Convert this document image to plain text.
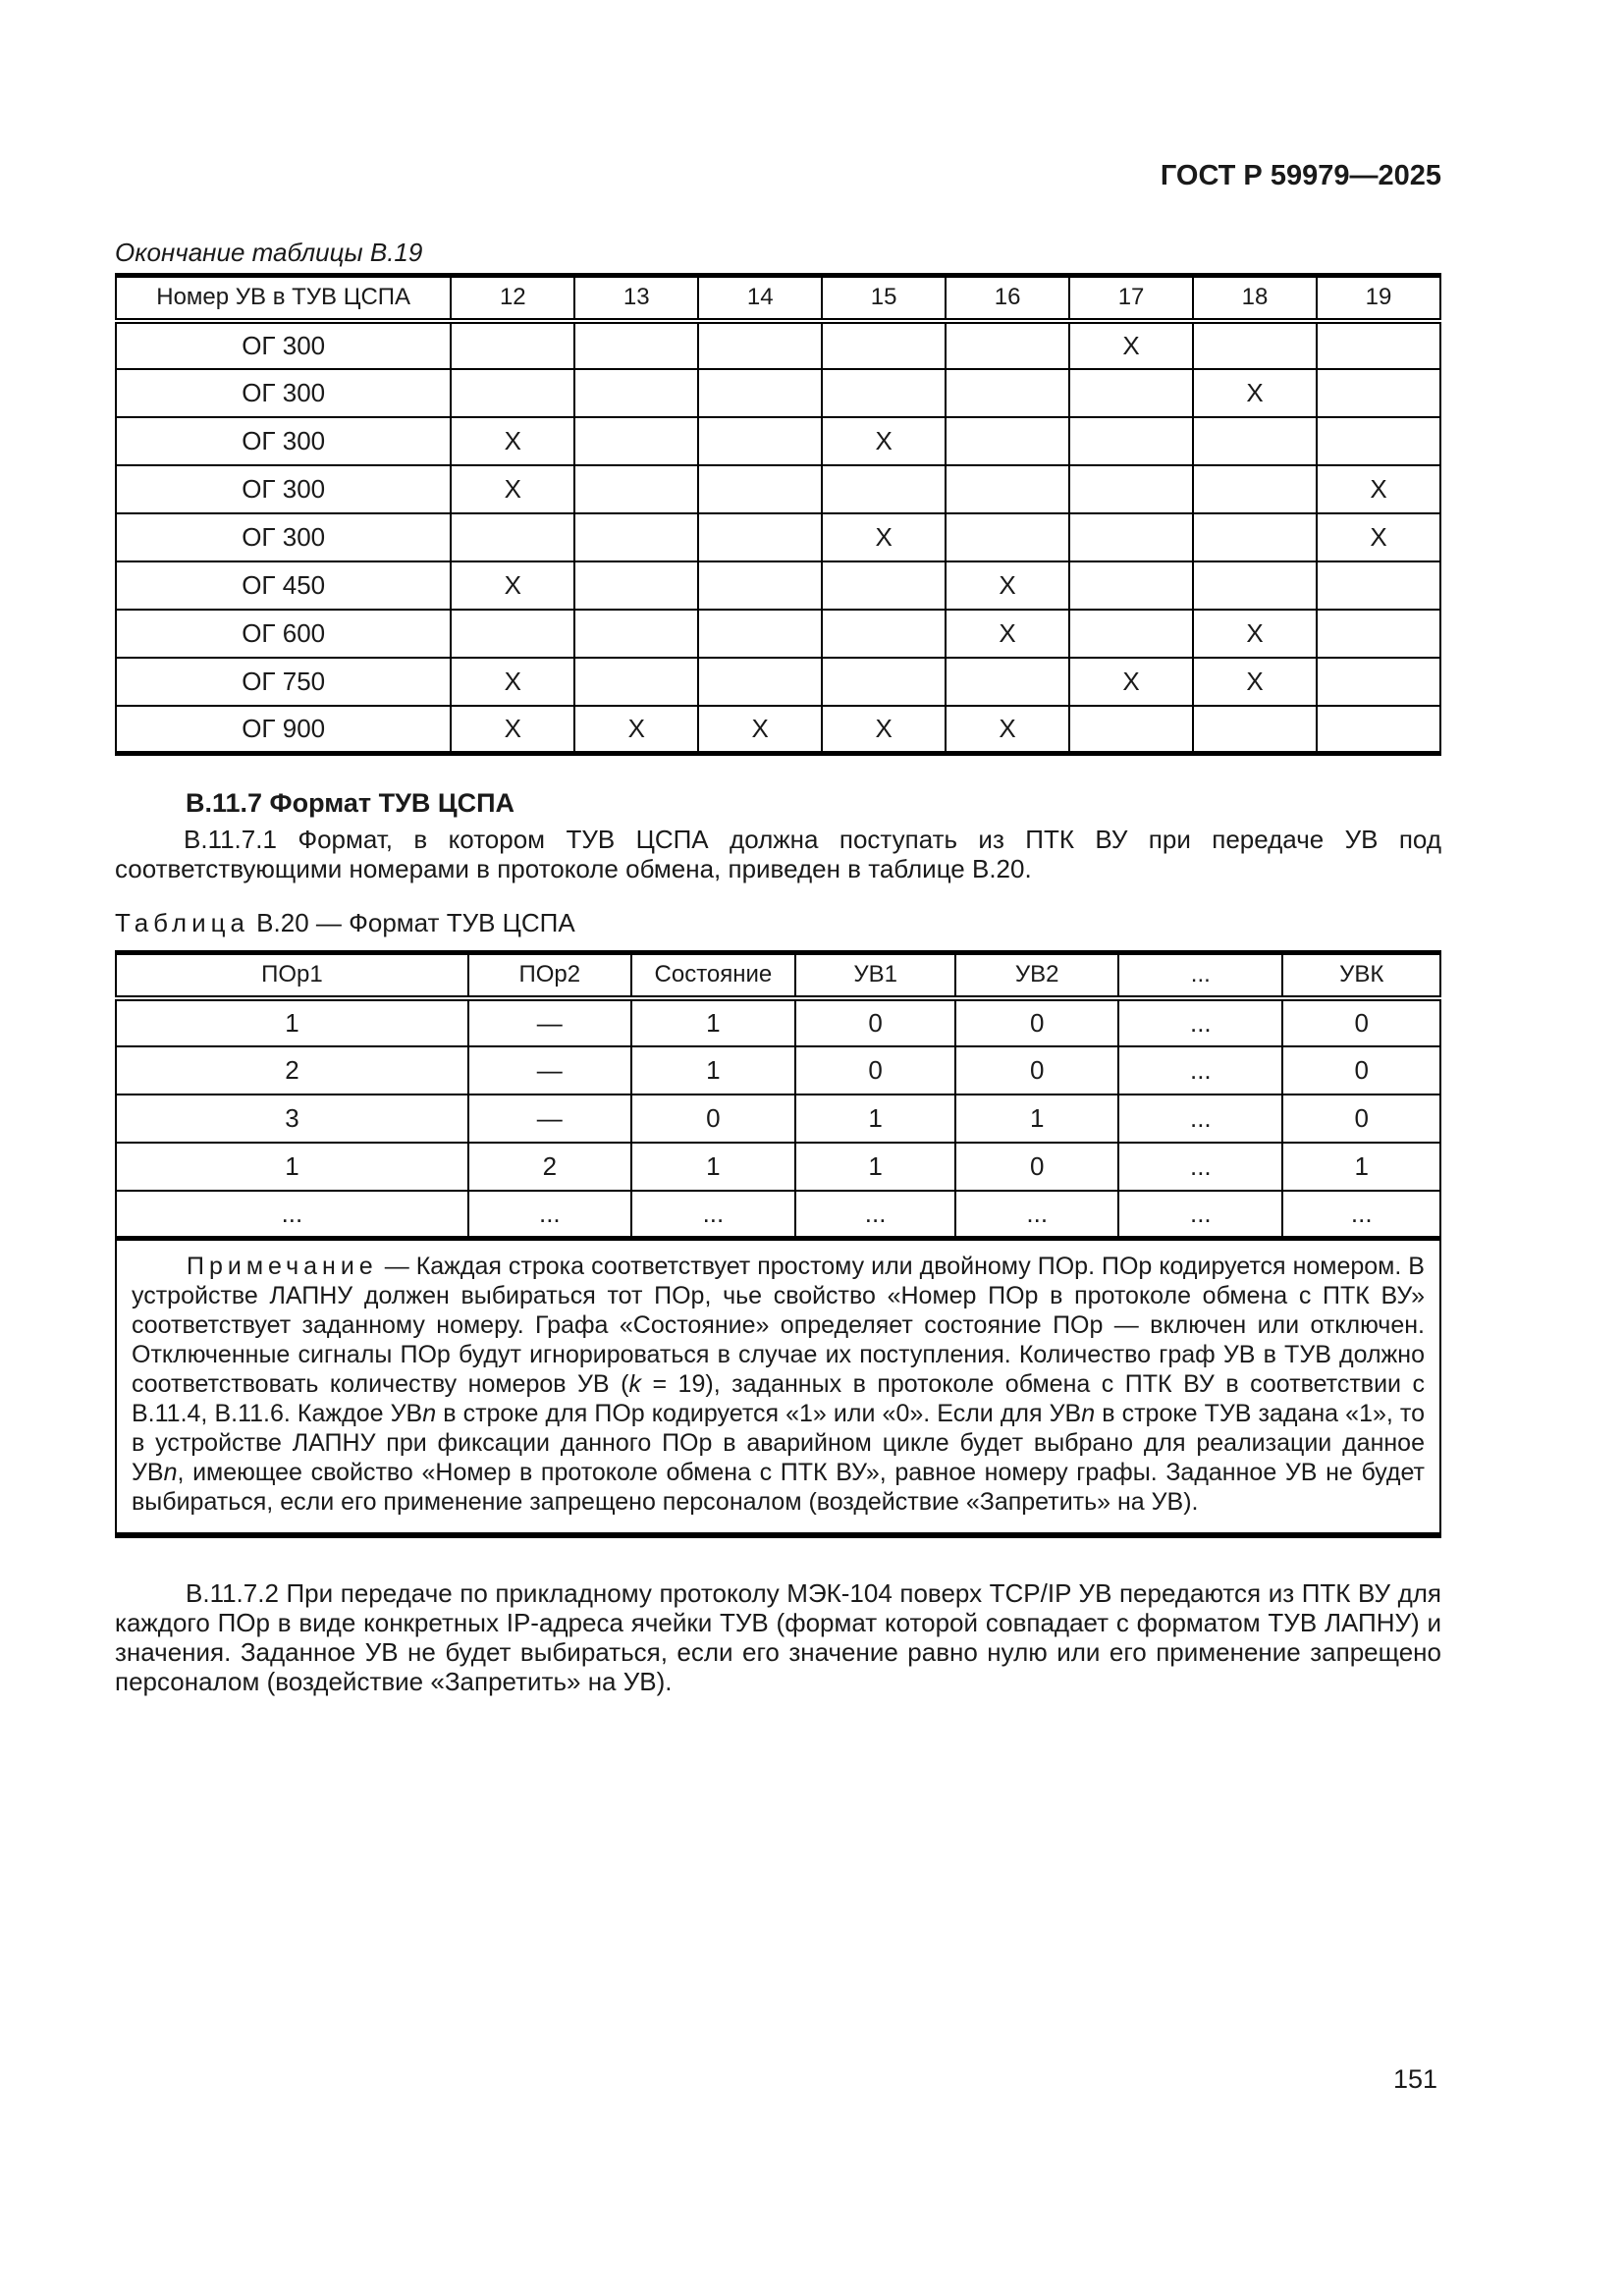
ГОСТ Р 59979—2025
Окончание таблицы В.19
Номер УВ в ТУВ ЦСПА	12	13	14	15	16	17	18	19
ОГ 300						X		
ОГ 300							X	
ОГ 300	X			X				
ОГ 300	X							X
ОГ 300				X				X
ОГ 450	X				X			
ОГ 600					X		X	
ОГ 750	X					X	X	
ОГ 900	X	X	X	X	X			
В.11.7 Формат ТУВ ЦСПА

В.11.7.1 Формат, в котором ТУВ ЦСПА должна поступать из ПТК ВУ при передаче УВ под соответствующими номерами в протоколе обмена, приведен в таблице В.20.

Таблица В.20 — Формат ТУВ ЦСПА
ПОр1	ПОр2	Состояние	УВ1	УВ2	...	УВК
1	—	1	0	0	...	0
2	—	1	0	0	...	0
3	—	0	1	1	...	0
1	2	1	1	0	...	1
...	...	...	...	...	...	...
Примечание — Каждая строка соответствует простому или двойному ПОр. ПОр кодируется номером. В устройстве ЛАПНУ должен выбираться тот ПОр, чье свойство «Номер ПОр в протоколе обмена с ПТК ВУ» соответствует заданному номеру. Графа «Состояние» определяет состояние ПОр — включен или отключен. Отключенные сигналы ПОр будут игнорироваться в случае их поступления. Количество граф УВ в ТУВ должно соответствовать количеству номеров УВ (k = 19), заданных в протоколе обмена с ПТК ВУ в соответствии с В.11.4, В.11.6. Каждое УВn в строке для ПОр кодируется «1» или «0». Если для УВn в строке ТУВ задана «1», то в устройстве ЛАПНУ при фиксации данного ПОр в аварийном цикле будет выбрано для реализации данное УВn, имеющее свойство «Номер в протоколе обмена с ПТК ВУ», равное номеру графы. Заданное УВ не будет выбираться, если его применение запрещено персоналом (воздействие «Запретить» на УВ).

В.11.7.2 При передаче по прикладному протоколу МЭК-104 поверх TCP/IP УВ передаются из ПТК ВУ для каждого ПОр в виде конкретных IP-адреса ячейки ТУВ (формат которой совпадает с форматом ТУВ ЛАПНУ) и значения. Заданное УВ не будет выбираться, если его значение равно нулю или его применение запрещено персоналом (воздействие «Запретить» на УВ).

151
